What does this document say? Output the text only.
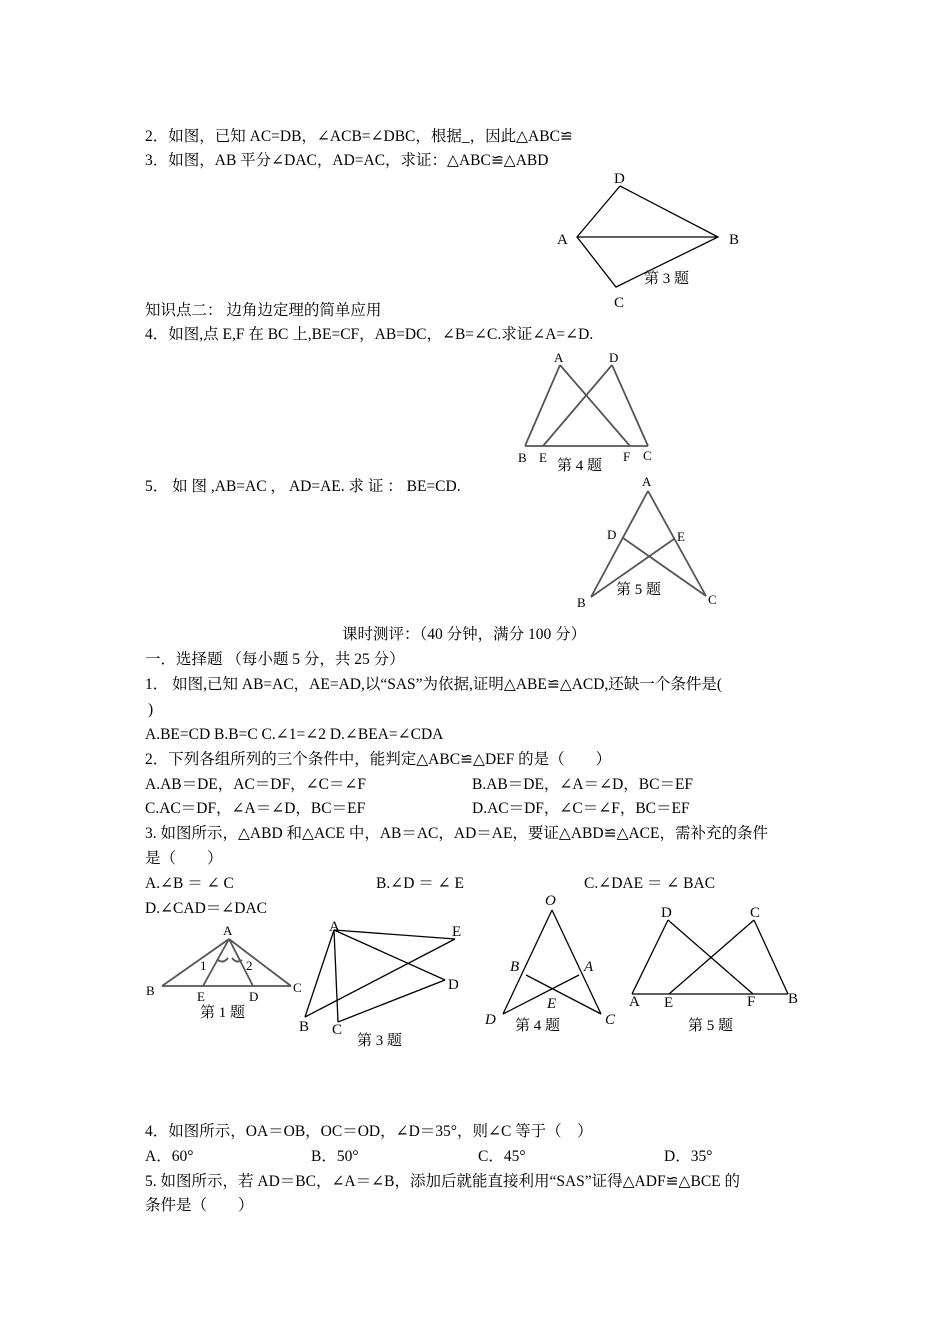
2．如图，已知 AC=DB，∠ACB=∠DBC，根据_，因此△ABC≌
3．如图，AB 平分∠DAC，AD=AC，求证：△ABC≌△ABD
D
A	B
C
第 3 题
知识点二： 边角边定理的简单应用
4．如图,点 E,F 在 BC 上,BE=CF，AB=DC，∠B=∠C.求证∠A=∠D.
A	D
B E	F C
第 4 题
5． 如 图 ,AB=AC ， AD=AE. 求 证 ： BE=CD.	A
D	E
B	C
第 5 题
课时测评：（40 分钟，满分 100 分）
一．选择题 （每小题 5 分，共 25 分）
1． 如图,已知 AB=AC，AE=AD,以“SAS”为依据,证明△ABE≌△ACD,还缺一个条件是(
)
A.BE=CD B.B=C C.∠1=∠2 D.∠BEA=∠CDA
2．下列各组所列的三个条件中，能判定△ABC≌△DEF 的是（　　）
A.AB＝DE，AC＝DF，∠C＝∠F	B.AB＝DE，∠A＝∠D，BC＝EF
C.AC＝DF，∠A＝∠D，BC＝EF	D.AC＝DF，∠C＝∠F，BC＝EF
3. 如图所示，△ABD 和△ACE 中，AB＝AC，AD＝AE，要证△ABD≌△ACE，需补充的条件
是（　　）
A.∠B ＝ ∠ C	B.∠D ＝ ∠ E	C.∠DAE ＝ ∠ BAC
D.∠CAD＝∠DAC
A
B	C
E	D
1	2
第 1 题
A	E
D
B C
第 3 题
O
B	A
E
D	C
第 4 题
D	C
A E	F B
第 5 题
4．如图所示，OA＝OB，OC＝OD，∠D＝35°，则∠C 等于（　）
A．60°	B．50°	C．45°	D．35°
5. 如图所示，若 AD＝BC，∠A＝∠B，添加后就能直接利用“SAS”证得△ADF≌△BCE 的
条件是（　　）
